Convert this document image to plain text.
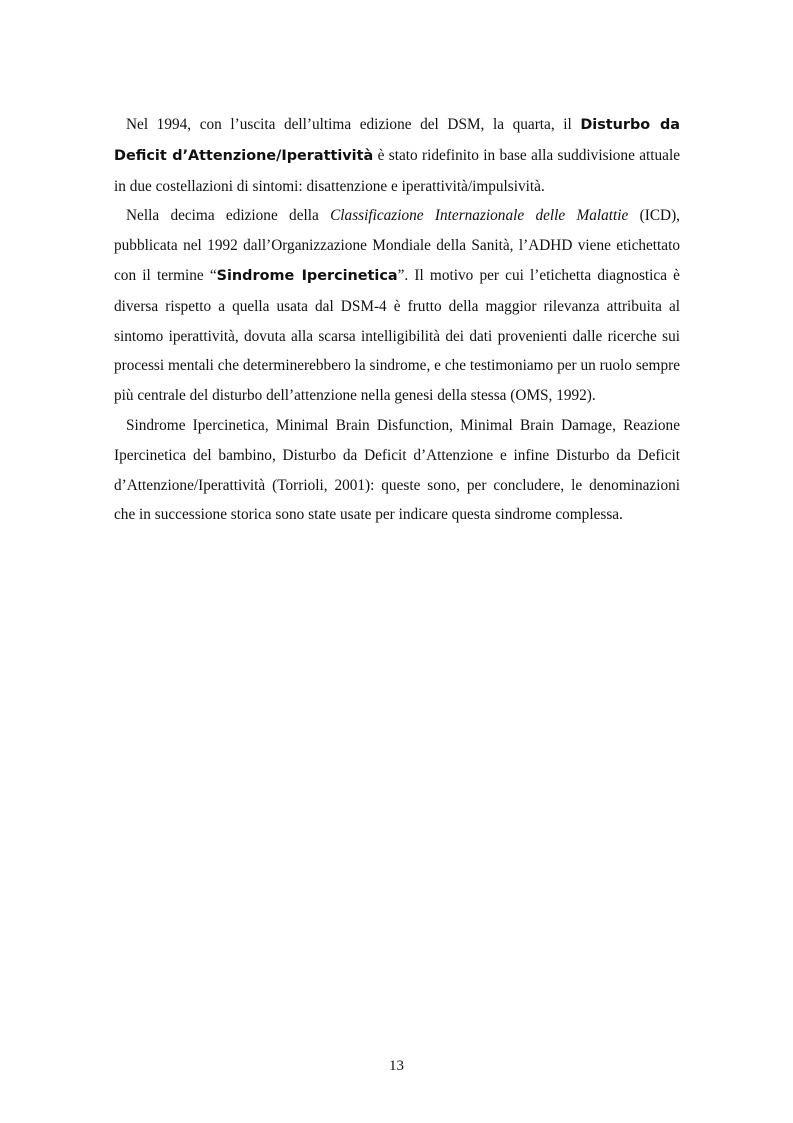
Nel 1994, con l’uscita dell’ultima edizione del DSM, la quarta, il Disturbo da Deficit d’Attenzione/Iperattività è stato ridefinito in base alla suddivisione attuale in due costellazioni di sintomi: disattenzione e iperattività/impulsività.

Nella decima edizione della Classificazione Internazionale delle Malattie (ICD), pubblicata nel 1992 dall’Organizzazione Mondiale della Sanità, l’ADHD viene etichettato con il termine “Sindrome Ipercinetica”. Il motivo per cui l’etichetta diagnostica è diversa rispetto a quella usata dal DSM-4 è frutto della maggior rilevanza attribuita al sintomo iperattività, dovuta alla scarsa intelligibilità dei dati provenienti dalle ricerche sui processi mentali che determinerebbero la sindrome, e che testimoniamo per un ruolo sempre più centrale del disturbo dell’attenzione nella genesi della stessa (OMS, 1992).

Sindrome Ipercinetica, Minimal Brain Disfunction, Minimal Brain Damage, Reazione Ipercinetica del bambino, Disturbo da Deficit d’Attenzione e infine Disturbo da Deficit d’Attenzione/Iperattività (Torrioli, 2001): queste sono, per concludere, le denominazioni che in successione storica sono state usate per indicare questa sindrome complessa.

13
